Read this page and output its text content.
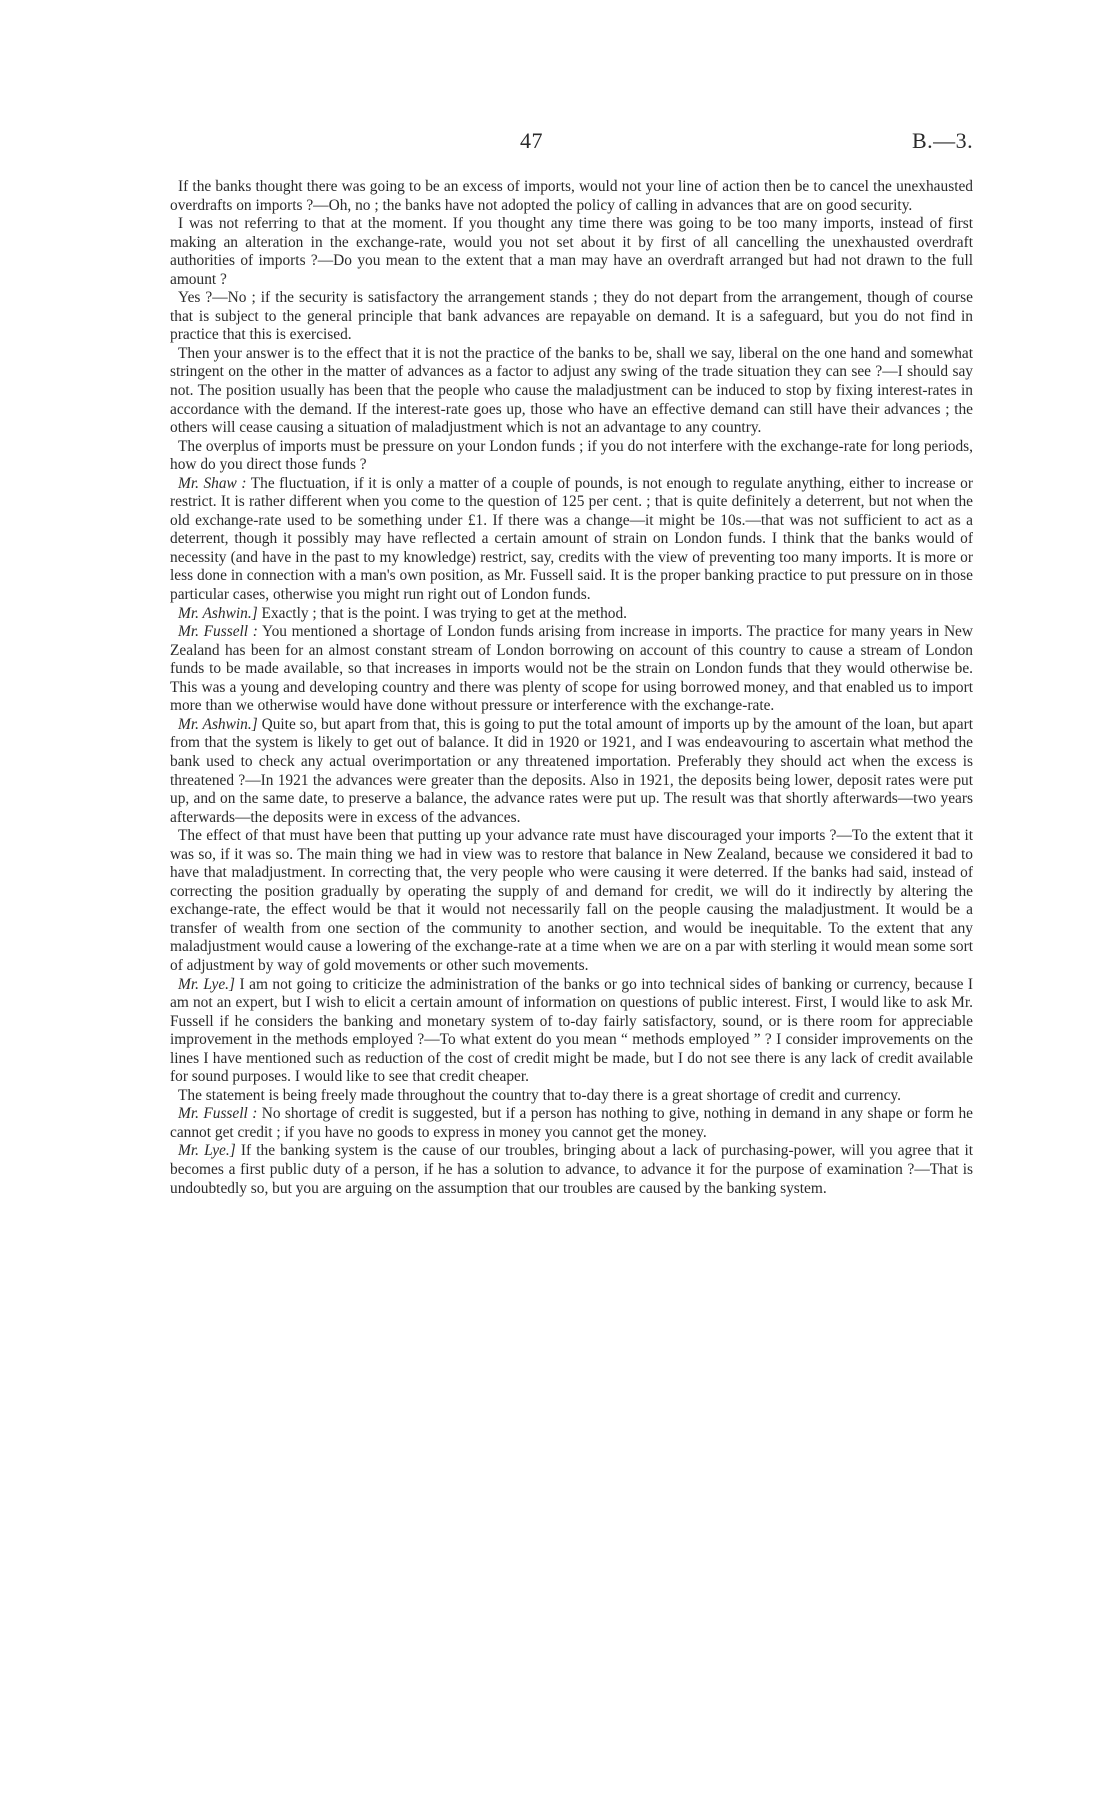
47	B.—3.

If the banks thought there was going to be an excess of imports, would not your line of action then be to cancel the unexhausted overdrafts on imports ?—Oh, no ; the banks have not adopted the policy of calling in advances that are on good security.

I was not referring to that at the moment. If you thought any time there was going to be too many imports, instead of first making an alteration in the exchange-rate, would you not set about it by first of all cancelling the unexhausted overdraft authorities of imports ?—Do you mean to the extent that a man may have an overdraft arranged but had not drawn to the full amount ?

Yes ?—No ; if the security is satisfactory the arrangement stands ; they do not depart from the arrangement, though of course that is subject to the general principle that bank advances are repayable on demand. It is a safeguard, but you do not find in practice that this is exercised.

Then your answer is to the effect that it is not the practice of the banks to be, shall we say, liberal on the one hand and somewhat stringent on the other in the matter of advances as a factor to adjust any swing of the trade situation they can see ?—I should say not. The position usually has been that the people who cause the maladjustment can be induced to stop by fixing interest-rates in accordance with the demand. If the interest-rate goes up, those who have an effective demand can still have their advances ; the others will cease causing a situation of maladjustment which is not an advantage to any country.

The overplus of imports must be pressure on your London funds ; if you do not interfere with the exchange-rate for long periods, how do you direct those funds ?

Mr. Shaw : The fluctuation, if it is only a matter of a couple of pounds, is not enough to regulate anything, either to increase or restrict. It is rather different when you come to the question of 125 per cent. ; that is quite definitely a deterrent, but not when the old exchange-rate used to be something under £1. If there was a change—it might be 10s.—that was not sufficient to act as a deterrent, though it possibly may have reflected a certain amount of strain on London funds. I think that the banks would of necessity (and have in the past to my knowledge) restrict, say, credits with the view of preventing too many imports. It is more or less done in connection with a man's own position, as Mr. Fussell said. It is the proper banking practice to put pressure on in those particular cases, otherwise you might run right out of London funds.

Mr. Ashwin.] Exactly ; that is the point. I was trying to get at the method.

Mr. Fussell : You mentioned a shortage of London funds arising from increase in imports. The practice for many years in New Zealand has been for an almost constant stream of London borrowing on account of this country to cause a stream of London funds to be made available, so that increases in imports would not be the strain on London funds that they would otherwise be. This was a young and developing country and there was plenty of scope for using borrowed money, and that enabled us to import more than we otherwise would have done without pressure or interference with the exchange-rate.

Mr. Ashwin.] Quite so, but apart from that, this is going to put the total amount of imports up by the amount of the loan, but apart from that the system is likely to get out of balance. It did in 1920 or 1921, and I was endeavouring to ascertain what method the bank used to check any actual overimportation or any threatened importation. Preferably they should act when the excess is threatened ?—In 1921 the advances were greater than the deposits. Also in 1921, the deposits being lower, deposit rates were put up, and on the same date, to preserve a balance, the advance rates were put up. The result was that shortly afterwards—two years afterwards—the deposits were in excess of the advances.

The effect of that must have been that putting up your advance rate must have discouraged your imports ?—To the extent that it was so, if it was so. The main thing we had in view was to restore that balance in New Zealand, because we considered it bad to have that maladjustment. In correcting that, the very people who were causing it were deterred. If the banks had said, instead of correcting the position gradually by operating the supply of and demand for credit, we will do it indirectly by altering the exchange-rate, the effect would be that it would not necessarily fall on the people causing the maladjustment. It would be a transfer of wealth from one section of the community to another section, and would be inequitable. To the extent that any maladjustment would cause a lowering of the exchange-rate at a time when we are on a par with sterling it would mean some sort of adjustment by way of gold movements or other such movements.

Mr. Lye.] I am not going to criticize the administration of the banks or go into technical sides of banking or currency, because I am not an expert, but I wish to elicit a certain amount of information on questions of public interest. First, I would like to ask Mr. Fussell if he considers the banking and monetary system of to-day fairly satisfactory, sound, or is there room for appreciable improvement in the methods employed ?—To what extent do you mean “ methods employed ” ? I consider improvements on the lines I have mentioned such as reduction of the cost of credit might be made, but I do not see there is any lack of credit available for sound purposes. I would like to see that credit cheaper.

The statement is being freely made throughout the country that to-day there is a great shortage of credit and currency.

Mr. Fussell : No shortage of credit is suggested, but if a person has nothing to give, nothing in demand in any shape or form he cannot get credit ; if you have no goods to express in money you cannot get the money.

Mr. Lye.] If the banking system is the cause of our troubles, bringing about a lack of purchasing-power, will you agree that it becomes a first public duty of a person, if he has a solution to advance, to advance it for the purpose of examination ?—That is undoubtedly so, but you are arguing on the assumption that our troubles are caused by the banking system.
